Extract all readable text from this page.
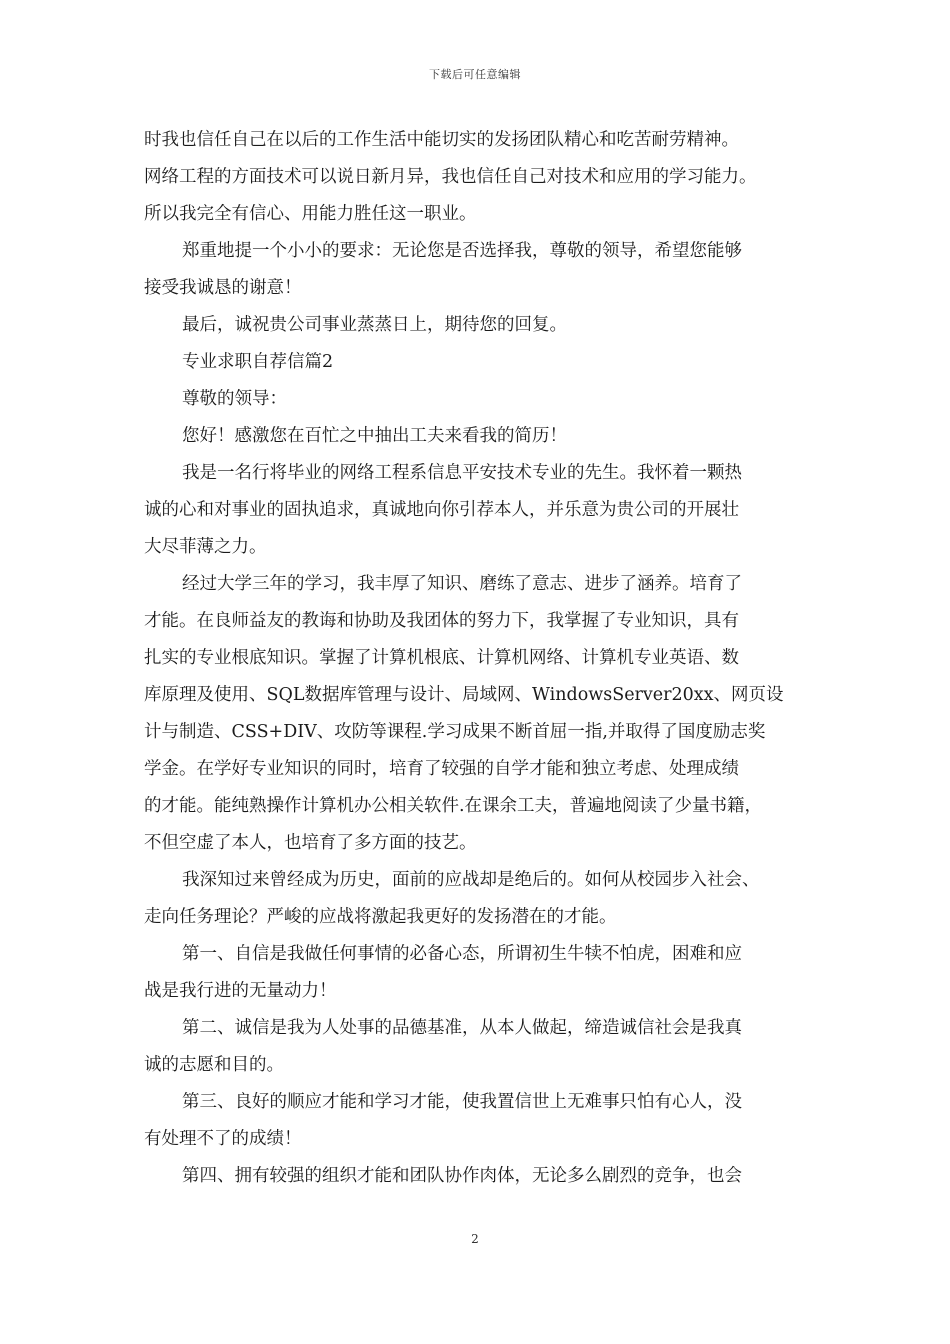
下载后可任意编辑
时我也信任自己在以后的工作生活中能切实的发扬团队精心和吃苦耐劳精神。
网络工程的方面技术可以说日新月异，我也信任自己对技术和应用的学习能力。
所以我完全有信心、用能力胜任这一职业。
郑重地提一个小小的要求：无论您是否选择我，尊敬的领导，希望您能够
接受我诚恳的谢意！
最后，诚祝贵公司事业蒸蒸日上，期待您的回复。
专业求职自荐信篇2
尊敬的领导：
您好！感激您在百忙之中抽出工夫来看我的简历！
我是一名行将毕业的网络工程系信息平安技术专业的先生。我怀着一颗热
诚的心和对事业的固执追求，真诚地向你引荐本人，并乐意为贵公司的开展壮
大尽菲薄之力。
经过大学三年的学习，我丰厚了知识、磨练了意志、进步了涵养。培育了
才能。在良师益友的教诲和协助及我团体的努力下，我掌握了专业知识，具有
扎实的专业根底知识。掌握了计算机根底、计算机网络、计算机专业英语、数
库原理及使用、SQL数据库管理与设计、局域网、WindowsServer20xx、网页设
计与制造、CSS+DIV、攻防等课程.学习成果不断首屈一指,并取得了国度励志奖
学金。在学好专业知识的同时，培育了较强的自学才能和独立考虑、处理成绩
的才能。能纯熟操作计算机办公相关软件.在课余工夫，普遍地阅读了少量书籍，
不但空虚了本人，也培育了多方面的技艺。
我深知过来曾经成为历史，面前的应战却是绝后的。如何从校园步入社会、
走向任务理论？严峻的应战将激起我更好的发扬潜在的才能。
第一、自信是我做任何事情的必备心态，所谓初生牛犊不怕虎，困难和应
战是我行进的无量动力！
第二、诚信是我为人处事的品德基准，从本人做起，缔造诚信社会是我真
诚的志愿和目的。
第三、良好的顺应才能和学习才能，使我置信世上无难事只怕有心人，没
有处理不了的成绩！
第四、拥有较强的组织才能和团队协作肉体，无论多么剧烈的竞争，也会
2
